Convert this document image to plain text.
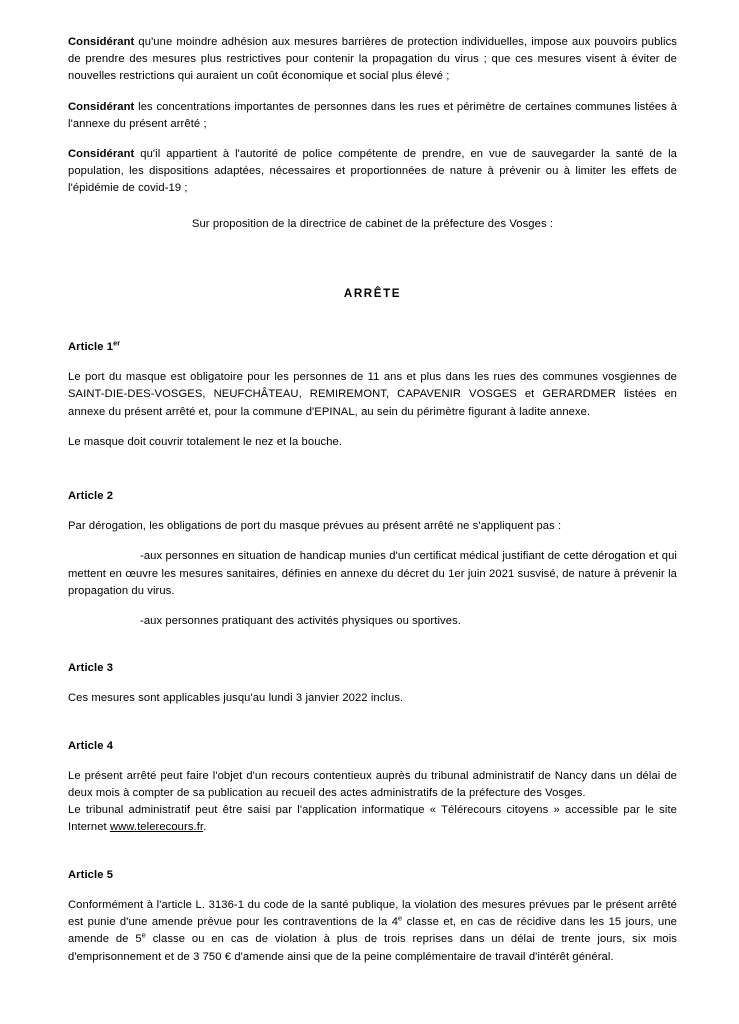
Considérant qu'une moindre adhésion aux mesures barrières de protection individuelles, impose aux pouvoirs publics de prendre des mesures plus restrictives pour contenir la propagation du virus ; que ces mesures visent à éviter de nouvelles restrictions qui auraient un coût économique et social plus élevé ;

Considérant les concentrations importantes de personnes dans les rues et périmètre de certaines communes listées à l'annexe du présent arrêté ;

Considérant qu'il appartient à l'autorité de police compétente de prendre, en vue de sauvegarder la santé de la population, les dispositions adaptées, nécessaires et proportionnées de nature à prévenir ou à limiter les effets de l'épidémie de covid-19 ;

Sur proposition de la directrice de cabinet de la préfecture des Vosges :

ARRÊTE

Article 1er

Le port du masque est obligatoire pour les personnes de 11 ans et plus dans les rues des communes vosgiennes de SAINT-DIE-DES-VOSGES, NEUFCHÂTEAU, REMIREMONT, CAPAVENIR VOSGES et GERARDMER listées en annexe du présent arrêté et, pour la commune d'EPINAL, au sein du périmètre figurant à ladite annexe.

Le masque doit couvrir totalement le nez et la bouche.

Article 2

Par dérogation, les obligations de port du masque prévues au présent arrêté ne s'appliquent pas :

-aux personnes en situation de handicap munies d'un certificat médical justifiant de cette dérogation et qui mettent en œuvre les mesures sanitaires, définies en annexe du décret du 1er juin 2021 susvisé, de nature à prévenir la propagation du virus.

-aux personnes pratiquant des activités physiques ou sportives.

Article 3

Ces mesures sont applicables jusqu'au lundi 3 janvier 2022 inclus.

Article 4

Le présent arrêté peut faire l'objet d'un recours contentieux auprès du tribunal administratif de Nancy dans un délai de deux mois à compter de sa publication au recueil des actes administratifs de la préfecture des Vosges.

Le tribunal administratif peut être saisi par l'application informatique « Télérecours citoyens » accessible par le site Internet www.telerecours.fr.

Article 5

Conformément à l'article L. 3136-1 du code de la santé publique, la violation des mesures prévues par le présent arrêté est punie d'une amende prévue pour les contraventions de la 4e classe et, en cas de récidive dans les 15 jours, une amende de 5e classe ou en cas de violation à plus de trois reprises dans un délai de trente jours, six mois d'emprisonnement et de 3 750 € d'amende ainsi que de la peine complémentaire de travail d'intérêt général.
